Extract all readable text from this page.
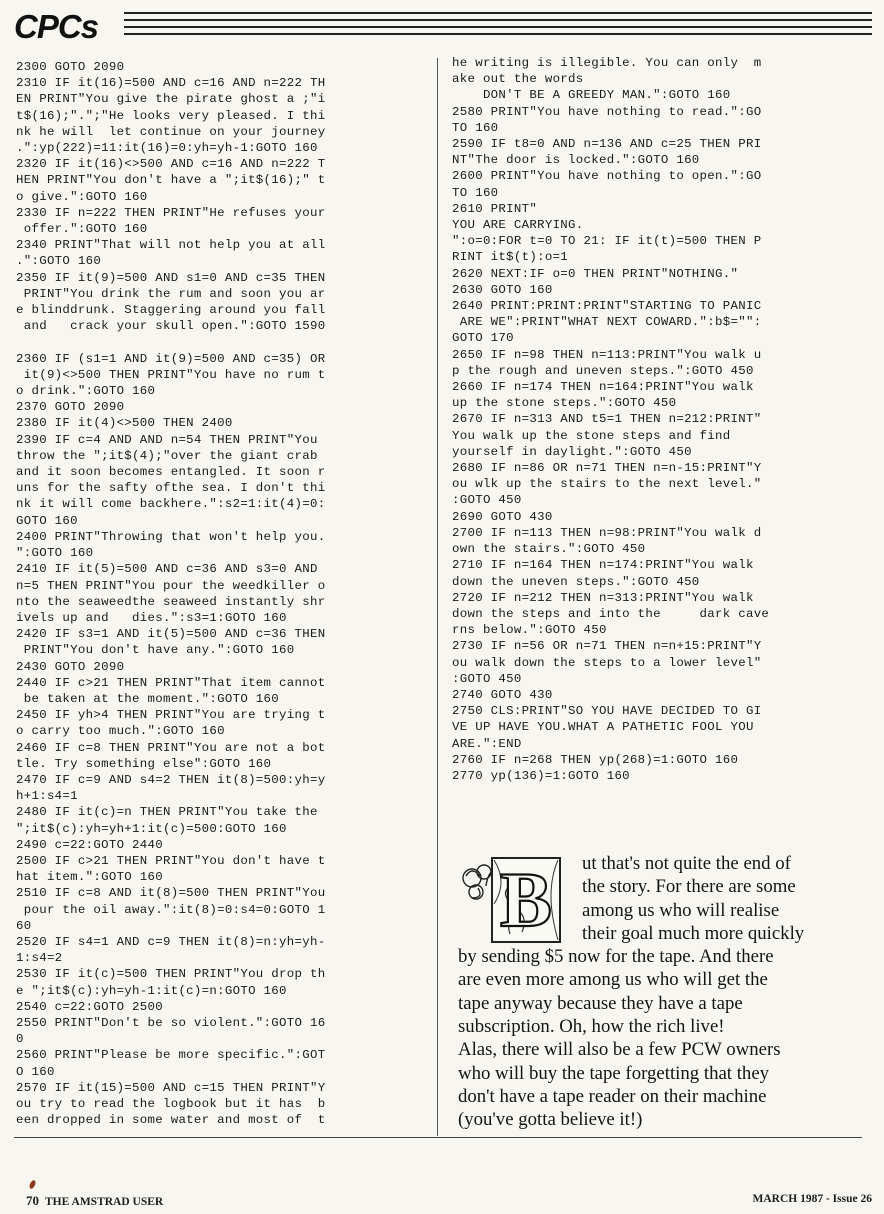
CPCs
2300 GOTO 2090
2310 IF it(16)=500 AND c=16 AND n=222 TH
EN PRINT"You give the pirate ghost a ;"i
t$(16);".";"He looks very pleased. I thi
nk he will  let continue on your journey
.":yp(222)=11:it(16)=0:yh=yh-1:GOTO 160
2320 IF it(16)<>500 AND c=16 AND n=222 T
HEN PRINT"You don't have a ";it$(16);" t
o give.":GOTO 160
2330 IF n=222 THEN PRINT"He refuses your
offer.":GOTO 160
2340 PRINT"That will not help you at all
.":GOTO 160
2350 IF it(9)=500 AND s1=0 AND c=35 THEN
PRINT"You drink the rum and soon you ar
e blinddrunk. Staggering around you fall
and   crack your skull open.":GOTO 1590

2360 IF (s1=1 AND it(9)=500 AND c=35) OR
it(9)<>500 THEN PRINT"You have no rum t
o drink.":GOTO 160
2370 GOTO 2090
2380 IF it(4)<>500 THEN 2400
2390 IF c=4 AND AND n=54 THEN PRINT"You
throw the ";it$(4);"over the giant crab
and it soon becomes entangled. It soon r
uns for the safty ofthe sea. I don't thi
nk it will come backhere.":s2=1:it(4)=0:
GOTO 160
2400 PRINT"Throwing that won't help you.
":GOTO 160
2410 IF it(5)=500 AND c=36 AND s3=0 AND
n=5 THEN PRINT"You pour the weedkiller o
nto the seaweedthe seaweed instantly shr
ivels up and   dies.":s3=1:GOTO 160
2420 IF s3=1 AND it(5)=500 AND c=36 THEN
PRINT"You don't have any.":GOTO 160
2430 GOTO 2090
2440 IF c>21 THEN PRINT"That item cannot
be taken at the moment.":GOTO 160
2450 IF yh>4 THEN PRINT"You are trying t
o carry too much.":GOTO 160
2460 IF c=8 THEN PRINT"You are not a bot
tle. Try something else":GOTO 160
2470 IF c=9 AND s4=2 THEN it(8)=500:yh=y
h+1:s4=1
2480 IF it(c)=n THEN PRINT"You take the
";it$(c):yh=yh+1:it(c)=500:GOTO 160
2490 c=22:GOTO 2440
2500 IF c>21 THEN PRINT"You don't have t
hat item.":GOTO 160
2510 IF c=8 AND it(8)=500 THEN PRINT"You
pour the oil away.":it(8)=0:s4=0:GOTO 1
60
2520 IF s4=1 AND c=9 THEN it(8)=n:yh=yh-
1:s4=2
2530 IF it(c)=500 THEN PRINT"You drop th
e ";it$(c):yh=yh-1:it(c)=n:GOTO 160
2540 c=22:GOTO 2500
2550 PRINT"Don't be so violent.":GOTO 16
0
2560 PRINT"Please be more specific.":GOT
O 160
2570 IF it(15)=500 AND c=15 THEN PRINT"Y
ou try to read the logbook but it has  b
een dropped in some water and most of  t
he writing is illegible. You can only  m
ake out the words
DON'T BE A GREEDY MAN.":GOTO 160
2580 PRINT"You have nothing to read.":GO
TO 160
2590 IF t8=0 AND n=136 AND c=25 THEN PRI
NT"The door is locked.":GOTO 160
2600 PRINT"You have nothing to open.":GO
TO 160
2610 PRINT"
YOU ARE CARRYING.
":o=0:FOR t=0 TO 21: IF it(t)=500 THEN P
RINT it$(t):o=1
2620 NEXT:IF o=0 THEN PRINT"NOTHING."
2630 GOTO 160
2640 PRINT:PRINT:PRINT"STARTING TO PANIC
ARE WE":PRINT"WHAT NEXT COWARD.":b$="":
GOTO 170
2650 IF n=98 THEN n=113:PRINT"You walk u
p the rough and uneven steps.":GOTO 450
2660 IF n=174 THEN n=164:PRINT"You walk
up the stone steps.":GOTO 450
2670 IF n=313 AND t5=1 THEN n=212:PRINT"
You walk up the stone steps and find
yourself in daylight.":GOTO 450
2680 IF n=86 OR n=71 THEN n=n-15:PRINT"Y
ou wlk up the stairs to the next level."
:GOTO 450
2690 GOTO 430
2700 IF n=113 THEN n=98:PRINT"You walk d
own the stairs.":GOTO 450
2710 IF n=164 THEN n=174:PRINT"You walk
down the uneven steps.":GOTO 450
2720 IF n=212 THEN n=313:PRINT"You walk
down the steps and into the     dark cave
rns below.":GOTO 450
2730 IF n=56 OR n=71 THEN n=n+15:PRINT"Y
ou walk down the steps to a lower level"
:GOTO 450
2740 GOTO 430
2750 CLS:PRINT"SO YOU HAVE DECIDED TO GI
VE UP HAVE YOU.WHAT A PATHETIC FOOL YOU
ARE.":END
2760 IF n=268 THEN yp(268)=1:GOTO 160
2770 yp(136)=1:GOTO 160
B ut that's not quite the end of
the story. For there are some
among us who will realise
their goal much more quickly
by sending $5 now for the tape. And there
are even more among us who will get the
tape anyway because they have a tape
subscription. Oh, how the rich live!
Alas, there will also be a few PCW owners
who will buy the tape forgetting that they
don't have a tape reader on their machine
(you've gotta believe it!)
70 THE AMSTRAD USER	MARCH 1987 - Issue 26
